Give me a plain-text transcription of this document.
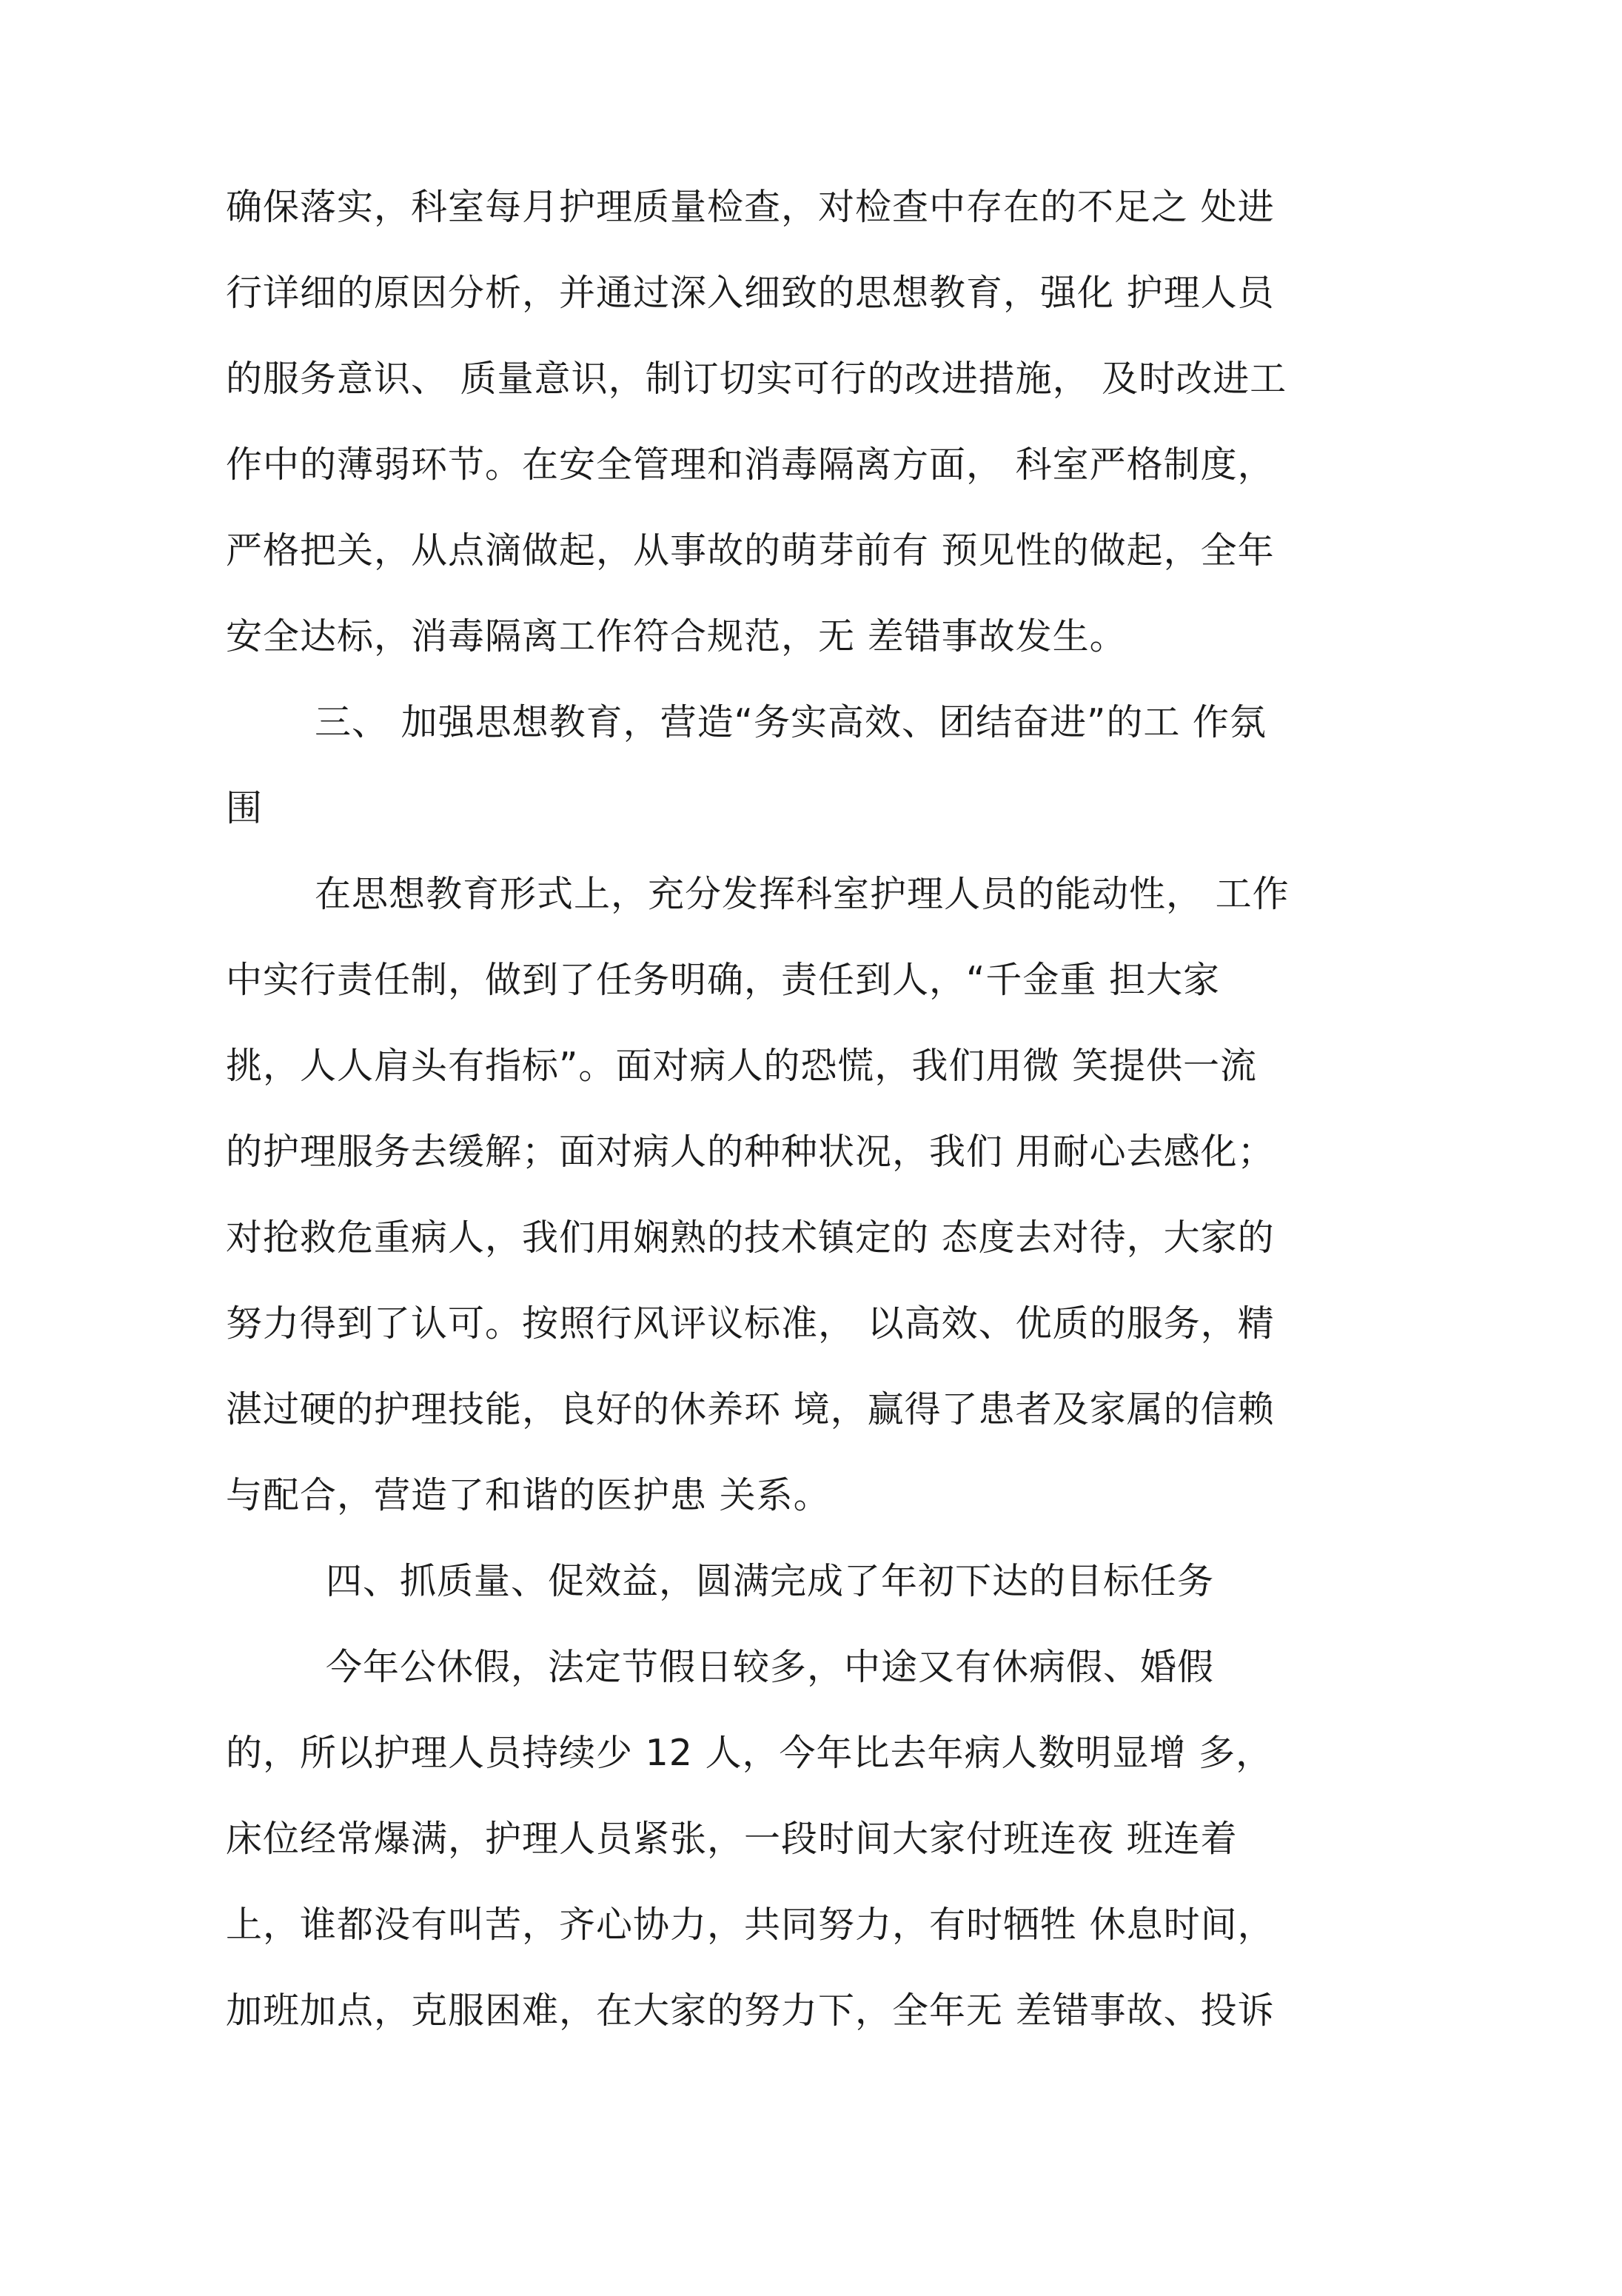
确保落实，科室每月护理质量检查，对检查中存在的不足之 处进
行详细的原因分析，并通过深入细致的思想教育，强化 护理人员
的服务意识、 质量意识，制订切实可行的改进措施， 及时改进工
作中的薄弱环节。在安全管理和消毒隔离方面， 科室严格制度，
严格把关，从点滴做起，从事故的萌芽前有 预见性的做起，全年
安全达标，消毒隔离工作符合规范，无 差错事故发生。
三、 加强思想教育，营造“务实高效、团结奋进”的工 作氛
围
在思想教育形式上，充分发挥科室护理人员的能动性， 工作
中实行责任制，做到了任务明确，责任到人，“千金重 担大家
挑，人人肩头有指标”。面对病人的恐慌，我们用微 笑提供一流
的护理服务去缓解；面对病人的种种状况，我们 用耐心去感化；
对抢救危重病人，我们用娴熟的技术镇定的 态度去对待，大家的
努力得到了认可。按照行风评议标准， 以高效、优质的服务，精
湛过硬的护理技能，良好的休养环 境，赢得了患者及家属的信赖
与配合，营造了和谐的医护患 关系。
四、抓质量、促效益，圆满完成了年初下达的目标任务
今年公休假，法定节假日较多，中途又有休病假、婚假
的，所以护理人员持续少 12 人，今年比去年病人数明显增 多，
床位经常爆满，护理人员紧张，一段时间大家付班连夜 班连着
上，谁都没有叫苦，齐心协力，共同努力，有时牺牲 休息时间，
加班加点，克服困难，在大家的努力下，全年无 差错事故、投诉
